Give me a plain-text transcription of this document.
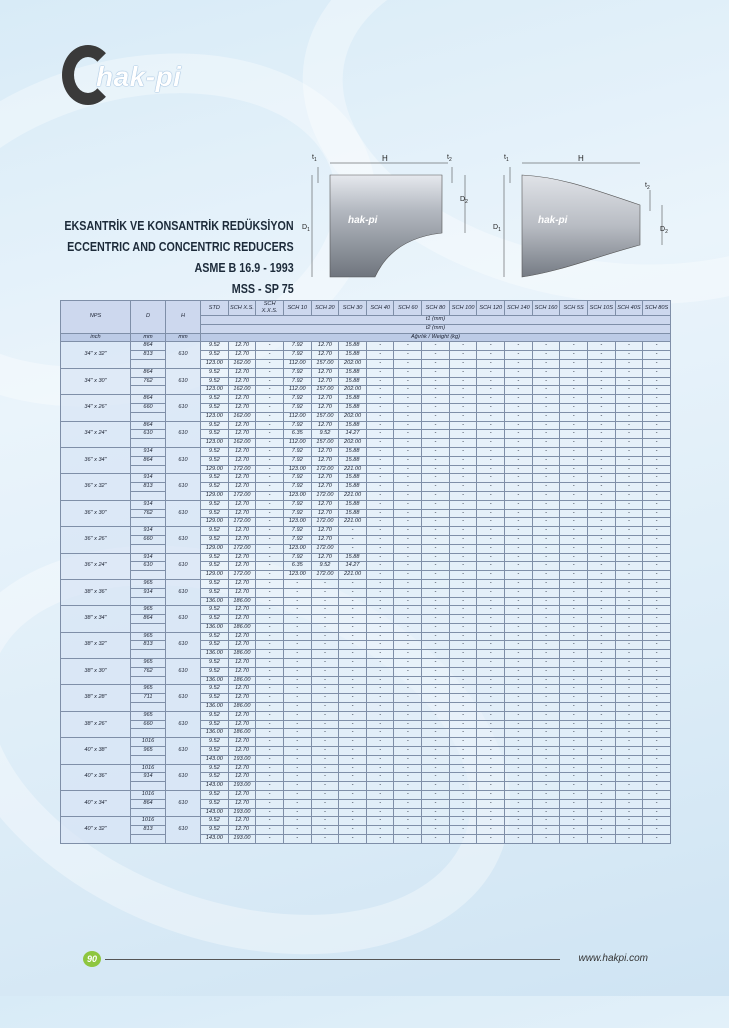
hak-pi
EKSANTRİK VE KONSANTRİK REDÜKSİYON
ECCENTRIC AND CONCENTRIC REDUCERS
ASME B 16.9 - 1993
MSS - SP 75
H
$t_1$	$t_2$
$D_1$
$D_2$
hak-pi
H
$t_1$
$t_2$
$D_1$	$D_2$
hak-pi
NPS	D	H	STD	SCH X.S.	SCH X.X.S.	SCH 10	SCH 20	SCH 30	SCH 40	SCH 60	SCH 80	SCH 100	SCH 120	SCH 140	SCH 160	SCH 5S	SCH 10S	SCH 40S	SCH 80S
			t1 (mm)																
			t2 (mm)																
inch	mm	mm	Ağırlık / Weight (kg)																
34" x 32"	864	610	9.52	12.70	-	7.92	12.70	15.88	-	-	-	-	-	-	-	-	-	-	-
	813		9.52	12.70	-	7.92	12.70	15.88	-	-	-	-	-	-	-	-	-	-	-
			123.00	162.00	-	112.00	157.00	202.00	-	-	-	-	-	-	-	-	-	-	-
34" x 30"	864	610	9.52	12.70	-	7.92	12.70	15.88	-	-	-	-	-	-	-	-	-	-	-
	762		9.52	12.70	-	7.92	12.70	15.88	-	-	-	-	-	-	-	-	-	-	-
			123.00	162.00	-	112.00	157.00	202.00	-	-	-	-	-	-	-	-	-	-	-
34" x 26"	864	610	9.52	12.70	-	7.92	12.70	15.88	-	-	-	-	-	-	-	-	-	-	-
	660		9.52	12.70	-	7.92	12.70	15.88	-	-	-	-	-	-	-	-	-	-	-
			123.00	162.00	-	112.00	157.00	202.00	-	-	-	-	-	-	-	-	-	-	-
34" x 24"	864	610	9.52	12.70	-	7.92	12.70	15.88	-	-	-	-	-	-	-	-	-	-	-
	610		9.52	12.70	-	6.35	9.52	14.27	-	-	-	-	-	-	-	-	-	-	-
			123.00	162.00	-	112.00	157.00	202.00	-	-	-	-	-	-	-	-	-	-	-
36" x 34"	914	610	9.52	12.70	-	7.92	12.70	15.88	-	-	-	-	-	-	-	-	-	-	-
	864		9.52	12.70	-	7.92	12.70	15.88	-	-	-	-	-	-	-	-	-	-	-
			129.00	172.00	-	123.00	172.00	221.00	-	-	-	-	-	-	-	-	-	-	-
36" x 32"	914	610	9.52	12.70	-	7.92	12.70	15.88	-	-	-	-	-	-	-	-	-	-	-
	813		9.52	12.70	-	7.92	12.70	15.88	-	-	-	-	-	-	-	-	-	-	-
			129.00	172.00	-	123.00	172.00	221.00	-	-	-	-	-	-	-	-	-	-	-
36" x 30"	914	610	9.52	12.70	-	7.92	12.70	15.88	-	-	-	-	-	-	-	-	-	-	-
	762		9.52	12.70	-	7.92	12.70	15.88	-	-	-	-	-	-	-	-	-	-	-
			129.00	172.00	-	123.00	172.00	221.00	-	-	-	-	-	-	-	-	-	-	-
36" x 26"	914	610	9.52	12.70	-	7.92	12.70	-	-	-	-	-	-	-	-	-	-	-	-
	660		9.52	12.70	-	7.92	12.70	-	-	-	-	-	-	-	-	-	-	-	-
			129.00	172.00	-	123.00	172.00	-	-	-	-	-	-	-	-	-	-	-	-
36" x 24"	914	610	9.52	12.70	-	7.92	12.70	15.88	-	-	-	-	-	-	-	-	-	-	-
	610		9.52	12.70	-	6.35	9.52	14.27	-	-	-	-	-	-	-	-	-	-	-
			129.00	172.00	-	123.00	172.00	221.00	-	-	-	-	-	-	-	-	-	-	-
38" x 36"	965	610	9.52	12.70	-	-	-	-	-	-	-	-	-	-	-	-	-	-	-
	914		9.52	12.70	-	-	-	-	-	-	-	-	-	-	-	-	-	-	-
			136.00	186.00	-	-	-	-	-	-	-	-	-	-	-	-	-	-	-
38" x 34"	965	610	9.52	12.70	-	-	-	-	-	-	-	-	-	-	-	-	-	-	-
	864		9.52	12.70	-	-	-	-	-	-	-	-	-	-	-	-	-	-	-
			136.00	186.00	-	-	-	-	-	-	-	-	-	-	-	-	-	-	-
38" x 32"	965	610	9.52	12.70	-	-	-	-	-	-	-	-	-	-	-	-	-	-	-
	813		9.52	12.70	-	-	-	-	-	-	-	-	-	-	-	-	-	-	-
			136.00	186.00	-	-	-	-	-	-	-	-	-	-	-	-	-	-	-
38" x 30"	965	610	9.52	12.70	-	-	-	-	-	-	-	-	-	-	-	-	-	-	-
	762		9.52	12.70	-	-	-	-	-	-	-	-	-	-	-	-	-	-	-
			136.00	186.00	-	-	-	-	-	-	-	-	-	-	-	-	-	-	-
38" x 28"	965	610	9.52	12.70	-	-	-	-	-	-	-	-	-	-	-	-	-	-	-
	711		9.52	12.70	-	-	-	-	-	-	-	-	-	-	-	-	-	-	-
			136.00	186.00	-	-	-	-	-	-	-	-	-	-	-	-	-	-	-
38" x 26"	965	610	9.52	12.70	-	-	-	-	-	-	-	-	-	-	-	-	-	-	-
	660		9.52	12.70	-	-	-	-	-	-	-	-	-	-	-	-	-	-	-
			136.00	186.00	-	-	-	-	-	-	-	-	-	-	-	-	-	-	-
40" x 38"	1016	610	9.52	12.70	-	-	-	-	-	-	-	-	-	-	-	-	-	-	-
	965		9.52	12.70	-	-	-	-	-	-	-	-	-	-	-	-	-	-	-
			143.00	193.00	-	-	-	-	-	-	-	-	-	-	-	-	-	-	-
40" x 36"	1016	610	9.52	12.70	-	-	-	-	-	-	-	-	-	-	-	-	-	-	-
	914		9.52	12.70	-	-	-	-	-	-	-	-	-	-	-	-	-	-	-
			143.00	193.00	-	-	-	-	-	-	-	-	-	-	-	-	-	-	-
40" x 34"	1016	610	9.52	12.70	-	-	-	-	-	-	-	-	-	-	-	-	-	-	-
	864		9.52	12.70	-	-	-	-	-	-	-	-	-	-	-	-	-	-	-
			143.00	193.00	-	-	-	-	-	-	-	-	-	-	-	-	-	-	-
40" x 32"	1016	610	9.52	12.70	-	-	-	-	-	-	-	-	-	-	-	-	-	-	-
	813		9.52	12.70	-	-	-	-	-	-	-	-	-	-	-	-	-	-	-
			143.00	193.00	-	-	-	-	-	-	-	-	-	-	-	-	-	-	-
90	www.hakpi.com
